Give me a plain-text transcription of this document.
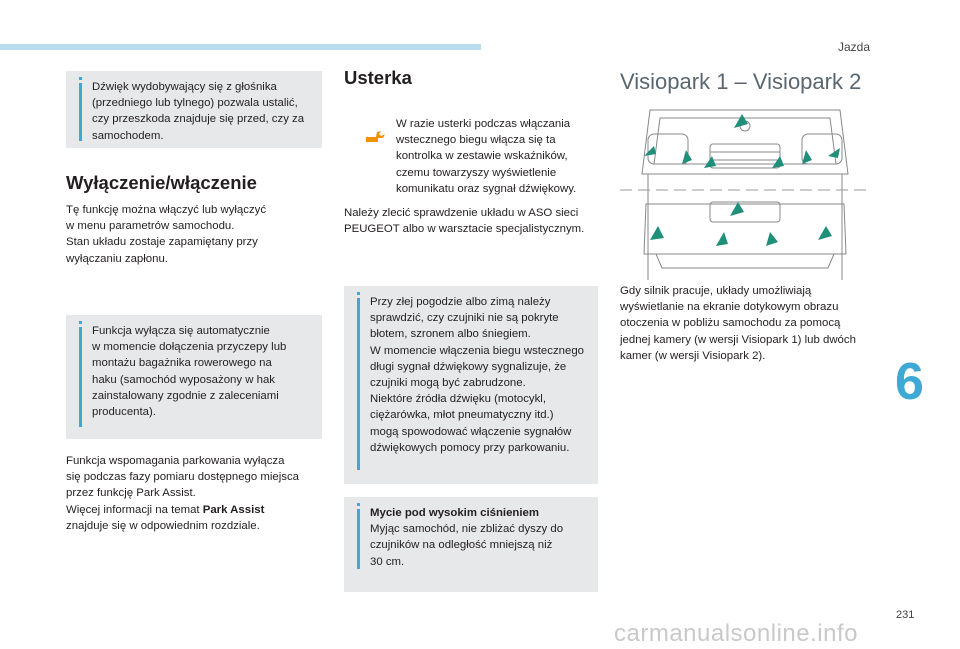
Jazda
6
231
carmanualsonline.info
Dźwięk wydobywający się z głośnika
(przedniego lub tylnego) pozwala ustalić,
czy przeszkoda znajduje się przed, czy za
samochodem.
Wyłączenie/włączenie
Tę funkcję można włączyć lub wyłączyć
w menu parametrów samochodu.
Stan układu zostaje zapamiętany przy
wyłączaniu zapłonu.
Funkcja wyłącza się automatycznie
w momencie dołączenia przyczepy lub
montażu bagażnika rowerowego na
haku (samochód wyposażony w hak
zainstalowany zgodnie z zaleceniami
producenta).
Funkcja wspomagania parkowania wyłącza
się podczas fazy pomiaru dostępnego miejsca
przez funkcję Park Assist.
Więcej informacji na temat Park Assist
znajduje się w odpowiednim rozdziale.
Usterka
W razie usterki podczas włączania
wstecznego biegu włącza się ta
kontrolka w zestawie wskaźników,
czemu towarzyszy wyświetlenie
komunikatu oraz sygnał dźwiękowy.
Należy zlecić sprawdzenie układu w ASO sieci
PEUGEOT albo w warsztacie specjalistycznym.
Przy złej pogodzie albo zimą należy
sprawdzić, czy czujniki nie są pokryte
błotem, szronem albo śniegiem.
W momencie włączenia biegu wstecznego
długi sygnał dźwiękowy sygnalizuje, że
czujniki mogą być zabrudzone.
Niektóre źródła dźwięku (motocykl,
ciężarówka, młot pneumatyczny itd.)
mogą spowodować włączenie sygnałów
dźwiękowych pomocy przy parkowaniu.
Mycie pod wysokim ciśnieniem
Myjąc samochód, nie zbliżać dyszy do
czujników na odległość mniejszą niż
30 cm.
Visiopark 1 – Visiopark 2
Gdy silnik pracuje, układy umożliwiają
wyświetlanie na ekranie dotykowym obrazu
otoczenia w pobliżu samochodu za pomocą
jednej kamery (w wersji Visiopark 1) lub dwóch
kamer (w wersji Visiopark 2).
